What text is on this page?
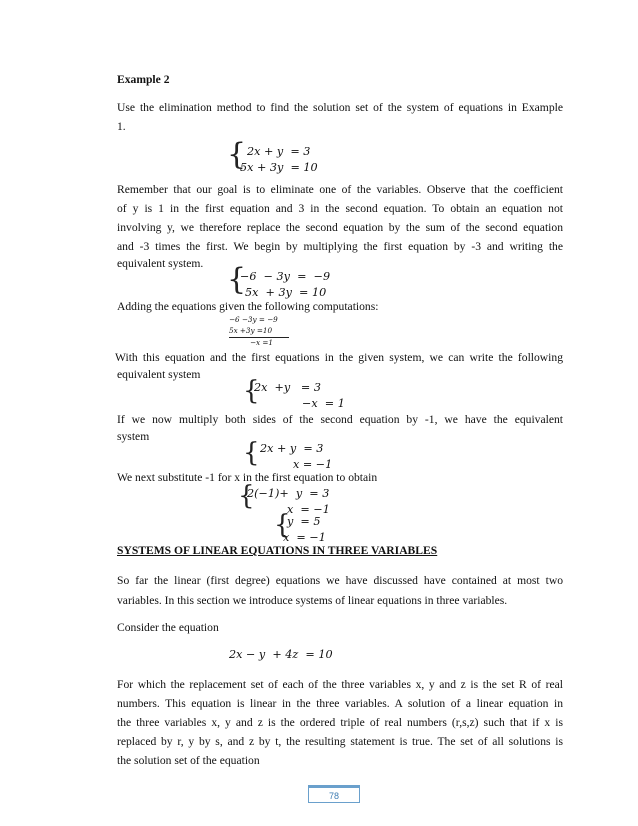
Example 2
Use the elimination method to find the solution set of the system of equations in Example
1.
{ 2𝑥 + 𝑦  = 3
5𝑥 + 3𝑦  = 10
Remember that our goal is to eliminate one of the variables. Observe that the coefficient
of y is 1 in the first equation and 3 in the second equation. To obtain an equation not
involving y, we therefore replace the second equation by the sum of the second equation
and -3 times the first. We begin by multiplying the first equation by -3 and writing the
equivalent system. {
−6  − 3𝑦  =  −9
5𝑥  + 3𝑦  = 10
Adding the equations given the following computations:
−6 −3𝑦 = −9
5𝑥 +3𝑦 =10
−𝑥 =1
With this equation and the first equations in the given system, we can write the following
equivalent system
{
2𝑥  +𝑦   = 3
−𝑥  = 1
If we now multiply both sides of the second equation by -1, we have the equivalent
system
{ 2𝑥 + 𝑦  = 3
𝑥 = −1
We next substitute -1 for x in the first equation to obtain
{
2(−1)+  𝑦  = 3
𝑥  = −1
{
𝑦  = 5
𝑥  = −1
SYSTEMS OF LINEAR EQUATIONS IN THREE VARIABLES
So far the linear (first degree) equations we have discussed have contained at most two
variables. In this section we introduce systems of linear equations in three variables.
Consider the equation
2𝑥 − 𝑦  + 4𝑧  = 10
For which the replacement set of each of the three variables x, y and z is the set R of real
numbers. This equation is linear in the three variables. A solution of a linear equation in
the three variables x, y and z is the ordered triple of real numbers (r,s,z) such that if x is
replaced by r, y by s, and z by t, the resulting statement is true. The set of all solutions is
the solution set of the equation
78
